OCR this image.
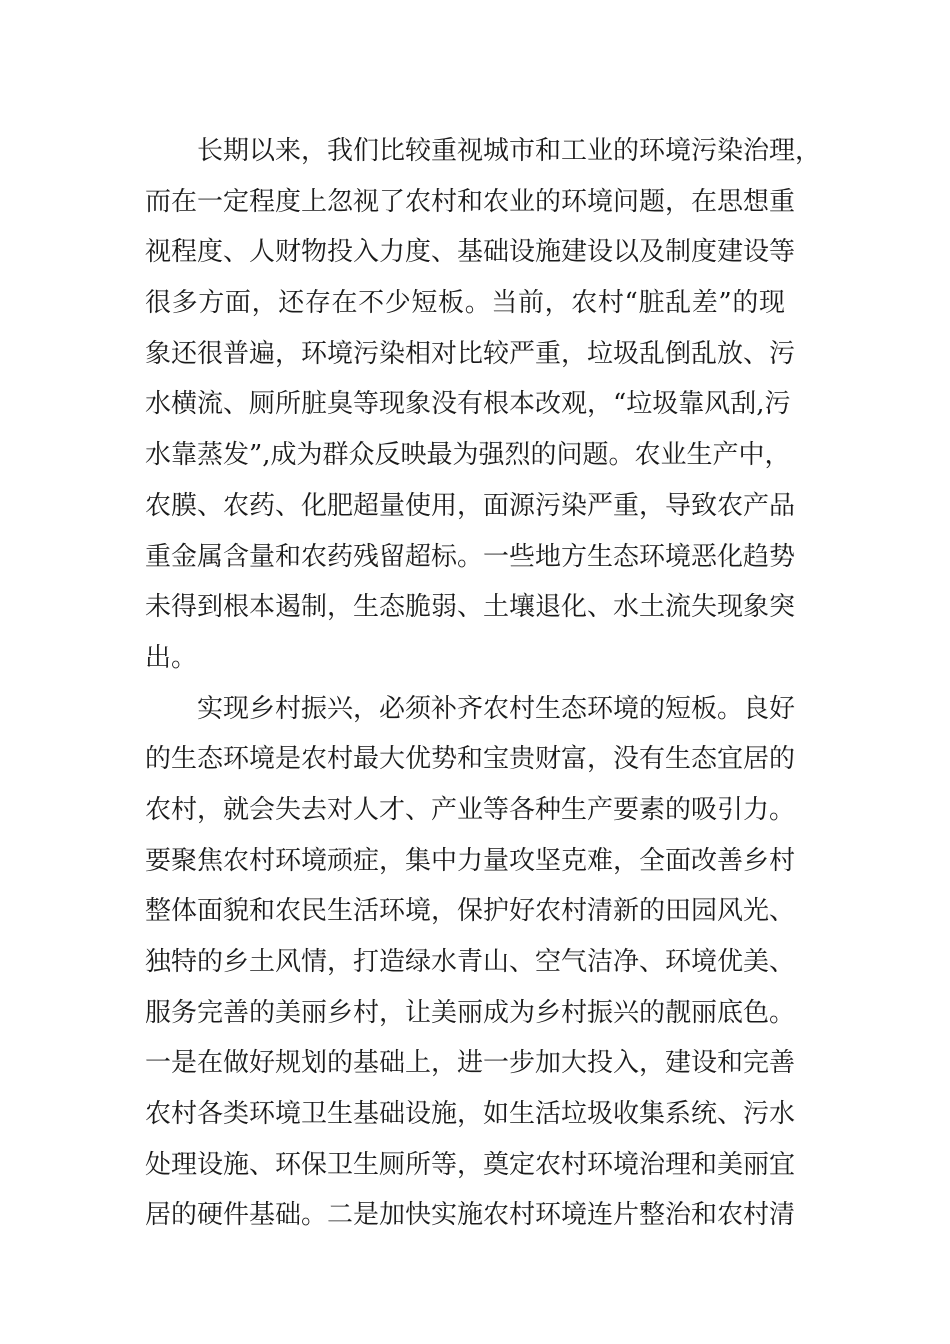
长期以来，我们比较重视城市和工业的环境污染治理，
而在一定程度上忽视了农村和农业的环境问题，在思想重
视程度、人财物投入力度、基础设施建设以及制度建设等
很多方面，还存在不少短板。当前，农村“脏乱差”的现
象还很普遍，环境污染相对比较严重，垃圾乱倒乱放、污
水横流、厕所脏臭等现象没有根本改观，“垃圾靠风刮,污
水靠蒸发”,成为群众反映最为强烈的问题。农业生产中，
农膜、农药、化肥超量使用，面源污染严重，导致农产品
重金属含量和农药残留超标。一些地方生态环境恶化趋势
未得到根本遏制，生态脆弱、土壤退化、水土流失现象突
出。
实现乡村振兴，必须补齐农村生态环境的短板。良好
的生态环境是农村最大优势和宝贵财富，没有生态宜居的
农村，就会失去对人才、产业等各种生产要素的吸引力。
要聚焦农村环境顽症，集中力量攻坚克难，全面改善乡村
整体面貌和农民生活环境，保护好农村清新的田园风光、
独特的乡土风情，打造绿水青山、空气洁净、环境优美、
服务完善的美丽乡村，让美丽成为乡村振兴的靓丽底色。
一是在做好规划的基础上，进一步加大投入，建设和完善
农村各类环境卫生基础设施，如生活垃圾收集系统、污水
处理设施、环保卫生厕所等，奠定农村环境治理和美丽宜
居的硬件基础。二是加快实施农村环境连片整治和农村清
